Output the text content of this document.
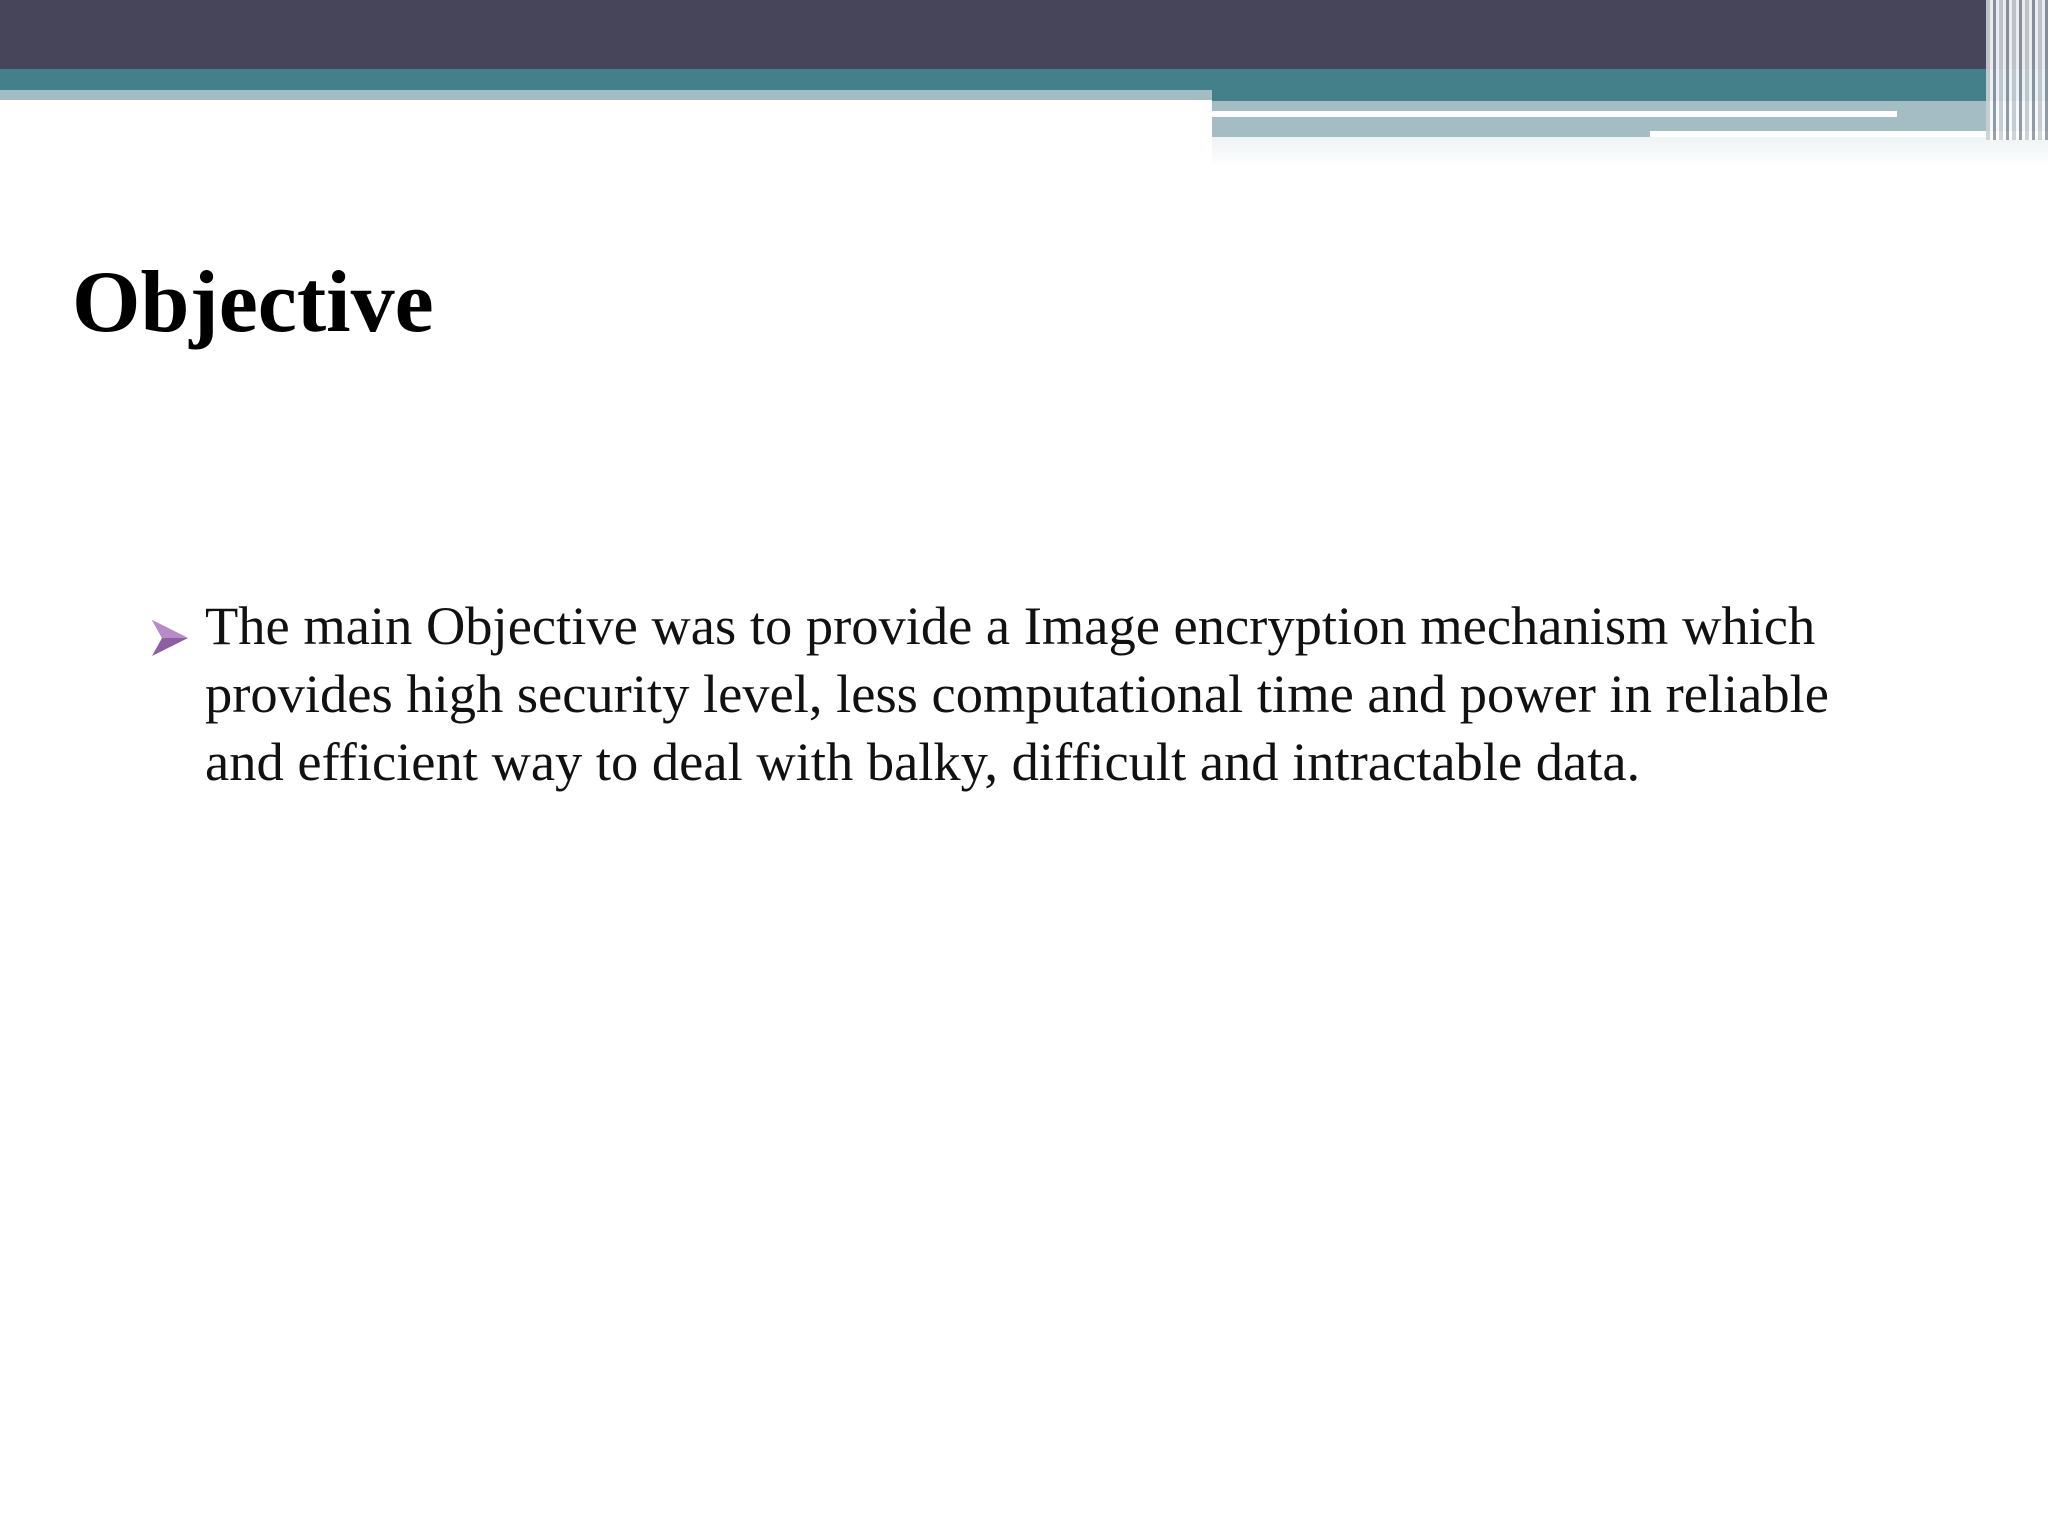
Objective
The main Objective was to provide a Image encryption mechanism which provides high security level, less computational time and power in reliable and efficient way to deal with balky, difficult and intractable data.
